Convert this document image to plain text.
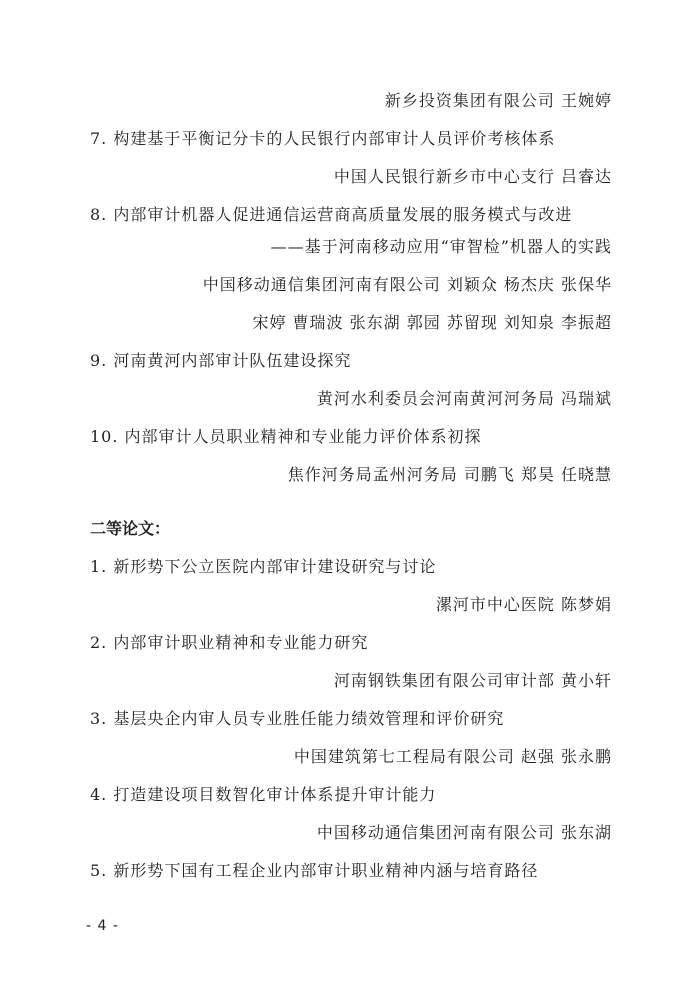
新乡投资集团有限公司 王婉婷
7. 构建基于平衡记分卡的人民银行内部审计人员评价考核体系
中国人民银行新乡市中心支行 吕睿达
8. 内部审计机器人促进通信运营商高质量发展的服务模式与改进
——基于河南移动应用“审智检”机器人的实践
中国移动通信集团河南有限公司 刘颖众 杨杰庆 张保华
宋婷 曹瑞波 张东湖 郭园 苏留现 刘知泉 李振超
9. 河南黄河内部审计队伍建设探究
黄河水利委员会河南黄河河务局 冯瑞斌
10. 内部审计人员职业精神和专业能力评价体系初探
焦作河务局孟州河务局 司鹏飞 郑昊 任晓慧
二等论文：
1. 新形势下公立医院内部审计建设研究与讨论
漯河市中心医院 陈梦娟
2. 内部审计职业精神和专业能力研究
河南钢铁集团有限公司审计部 黄小轩
3. 基层央企内审人员专业胜任能力绩效管理和评价研究
中国建筑第七工程局有限公司 赵强 张永鹏
4. 打造建设项目数智化审计体系提升审计能力
中国移动通信集团河南有限公司 张东湖
5. 新形势下国有工程企业内部审计职业精神内涵与培育路径
- 4 -
